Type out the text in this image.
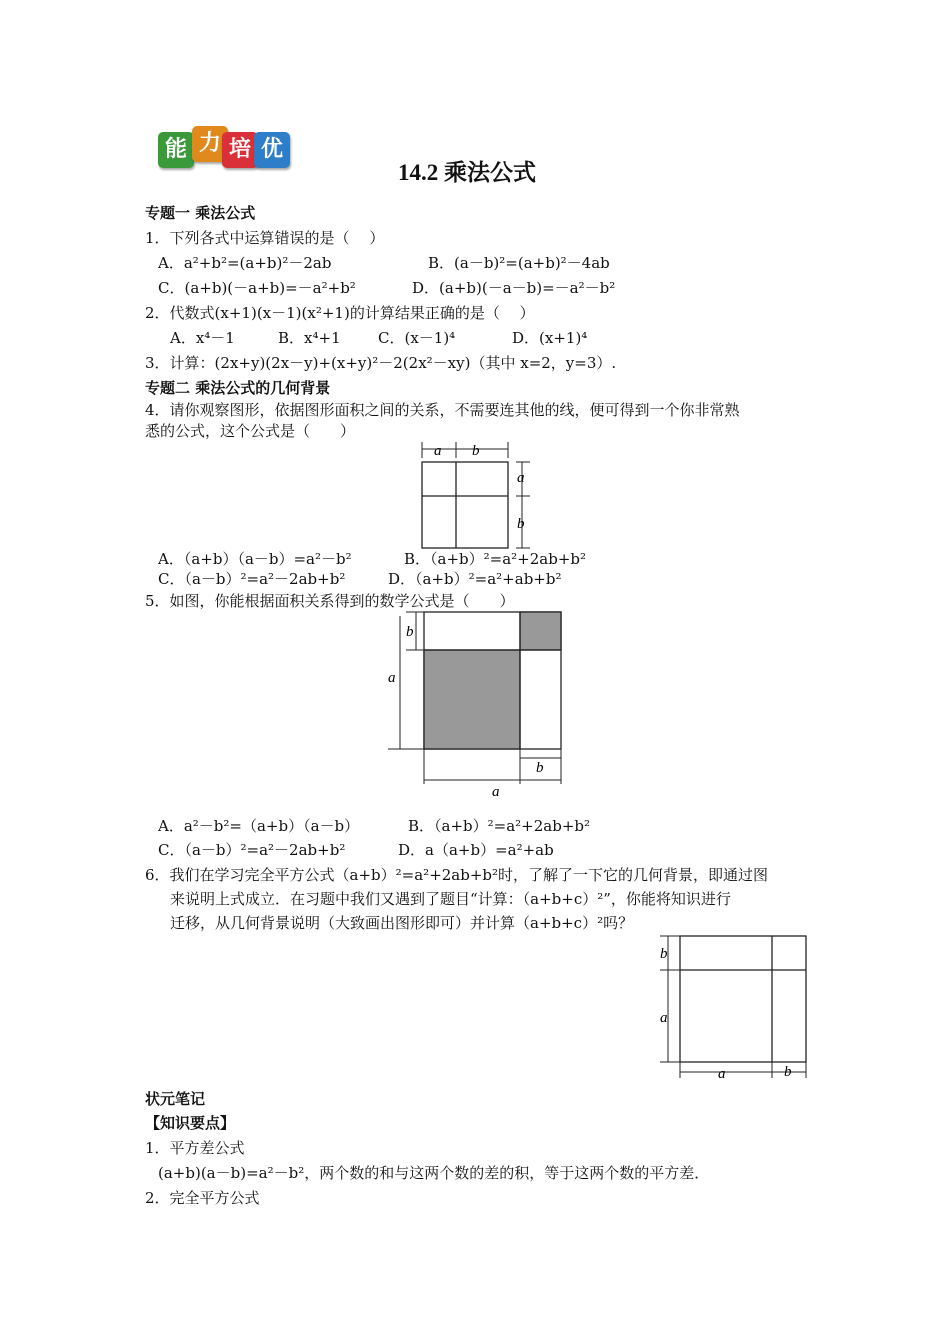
能 力 培 优
14.2 乘法公式
专题一 乘法公式
1．下列各式中运算错误的是（　 ）
A．a²+b²=(a+b)²－2ab	B．(a－b)²=(a+b)²－4ab
C．(a+b)(－a+b)=－a²+b²	D．(a+b)(－a－b)=－a²－b²
2．代数式(x+1)(x－1)(x²+1)的计算结果正确的是（　 ）
A．x⁴－1	B．x⁴+1 C．(x－1)⁴	D．(x+1)⁴
3．计算：(2x+y)(2x－y)+(x+y)²－2(2x²－xy)（其中 x=2，y=3）.
专题二 乘法公式的几何背景
4．请你观察图形，依据图形面积之间的关系，不需要连其他的线，便可得到一个你非常熟
悉的公式，这个公式是（　　）
a b
a
b
A．（a+b）（a－b）=a²－b²	B．（a+b）²=a²+2ab+b²
C．（a－b）²=a²－2ab+b²	D．（a+b）²=a²+ab+b²
5．如图，你能根据面积关系得到的数学公式是（　　）
b
a
b
a
A．a²－b²=（a+b）（a－b）	B．（a+b）²=a²+2ab+b²
C．（a－b）²=a²－2ab+b²	D．a（a+b）=a²+ab
6．我们在学习完全平方公式（a+b）²=a²+2ab+b²时，了解了一下它的几何背景，即通过图
来说明上式成立．在习题中我们又遇到了题目“计算：（a+b+c）²”，你能将知识进行
迁移，从几何背景说明（大致画出图形即可）并计算（a+b+c）²吗？
b
a
a	b
状元笔记
【知识要点】
1．平方差公式
(a+b)(a－b)=a²－b²，两个数的和与这两个数的差的积，等于这两个数的平方差．
2．完全平方公式
